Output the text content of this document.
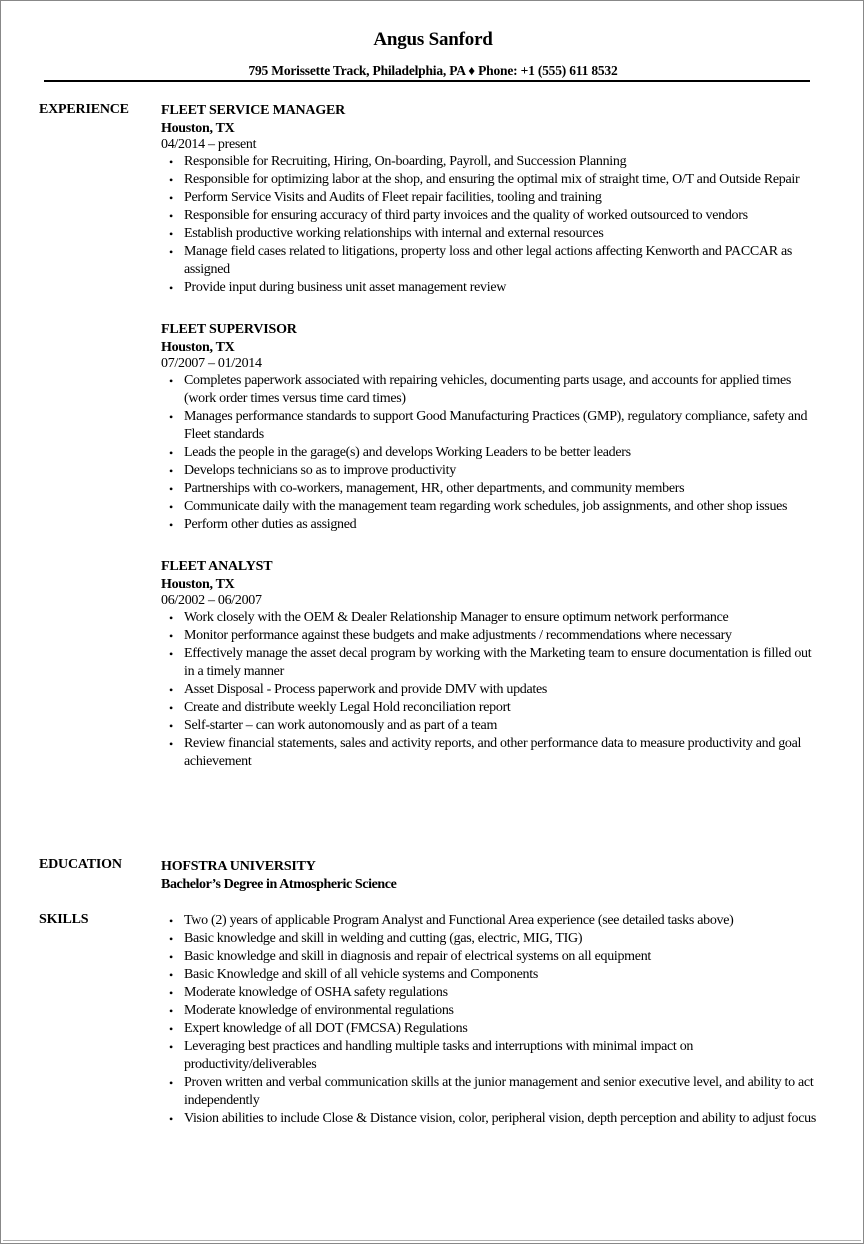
Angus Sanford
795 Morissette Track, Philadelphia, PA ♦ Phone: +1 (555) 611 8532
EXPERIENCE FLEET SERVICE MANAGER
Houston, TX
04/2014 – present
• Responsible for Recruiting, Hiring, On-boarding, Payroll, and Succession Planning
• Responsible for optimizing labor at the shop, and ensuring the optimal mix of straight time, O/T and Outside Repair
• Perform Service Visits and Audits of Fleet repair facilities, tooling and training
• Responsible for ensuring accuracy of third party invoices and the quality of worked outsourced to vendors
• Establish productive working relationships with internal and external resources
• Manage field cases related to litigations, property loss and other legal actions affecting Kenworth and PACCAR as assigned
• Provide input during business unit asset management review
FLEET SUPERVISOR
Houston, TX
07/2007 – 01/2014
• Completes paperwork associated with repairing vehicles, documenting parts usage, and accounts for applied times (work order times versus time card times)
• Manages performance standards to support Good Manufacturing Practices (GMP), regulatory compliance, safety and Fleet standards
• Leads the people in the garage(s) and develops Working Leaders to be better leaders
• Develops technicians so as to improve productivity
• Partnerships with co-workers, management, HR, other departments, and community members
• Communicate daily with the management team regarding work schedules, job assignments, and other shop issues
• Perform other duties as assigned
FLEET ANALYST
Houston, TX
06/2002 – 06/2007
• Work closely with the OEM & Dealer Relationship Manager to ensure optimum network performance
• Monitor performance against these budgets and make adjustments / recommendations where necessary
• Effectively manage the asset decal program by working with the Marketing team to ensure documentation is filled out in a timely manner
• Asset Disposal - Process paperwork and provide DMV with updates
• Create and distribute weekly Legal Hold reconciliation report
• Self-starter – can work autonomously and as part of a team
• Review financial statements, sales and activity reports, and other performance data to measure productivity and goal achievement
EDUCATION	HOFSTRA UNIVERSITY
Bachelor’s Degree in Atmospheric Science
SKILLS	• Two (2) years of applicable Program Analyst and Functional Area experience (see detailed tasks above)
• Basic knowledge and skill in welding and cutting (gas, electric, MIG, TIG)
• Basic knowledge and skill in diagnosis and repair of electrical systems on all equipment
• Basic Knowledge and skill of all vehicle systems and Components
• Moderate knowledge of OSHA safety regulations
• Moderate knowledge of environmental regulations
• Expert knowledge of all DOT (FMCSA) Regulations
• Leveraging best practices and handling multiple tasks and interruptions with minimal impact on productivity/deliverables
• Proven written and verbal communication skills at the junior management and senior executive level, and ability to act independently
• Vision abilities to include Close & Distance vision, color, peripheral vision, depth perception and ability to adjust focus
